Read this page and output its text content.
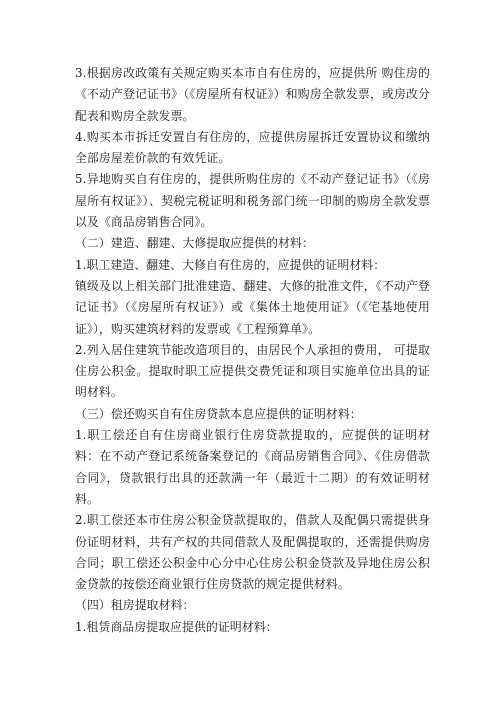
3.根据房改政策有关规定购买本市自有住房的，应提供所 购住房的《不动产登记证书》（《房屋所有权证》）和购房全款发票，或房改分配表和购房全款发票。

4.购买本市拆迁安置自有住房的，应提供房屋拆迁安置协议和缴纳全部房屋差价款的有效凭证。

5.异地购买自有住房的，提供所购住房的《不动产登记证书》（《房屋所有权证》）、契税完税证明和税务部门统一印制的购房全款发票以及《商品房销售合同》。

（二）建造、翻建、大修提取应提供的材料：

1.职工建造、翻建、大修自有住房的，应提供的证明材料：

镇级及以上相关部门批准建造、翻建、大修的批准文件，《不动产登记证书》（《房屋所有权证》）或《集体土地使用证》（《宅基地使用证》），购买建筑材料的发票或《工程预算单》。

2.列入居住建筑节能改造项目的，由居民个人承担的费用， 可提取住房公积金。提取时职工应提供交费凭证和项目实施单位出具的证明材料。

（三）偿还购买自有住房贷款本息应提供的证明材料：

1.职工偿还自有住房商业银行住房贷款提取的，应提供的证明材料：在不动产登记系统备案登记的《商品房销售合同》、《住房借款合同》，贷款银行出具的还款满一年（最近十二期）的有效证明材料。

2.职工偿还本市住房公积金贷款提取的，借款人及配偶只需提供身份证明材料，共有产权的共同借款人及配偶提取的，还需提供购房合同；职工偿还公积金中心分中心住房公积金贷款及异地住房公积金贷款的按偿还商业银行住房贷款的规定提供材料。

（四）租房提取材料：

1.租赁商品房提取应提供的证明材料：
